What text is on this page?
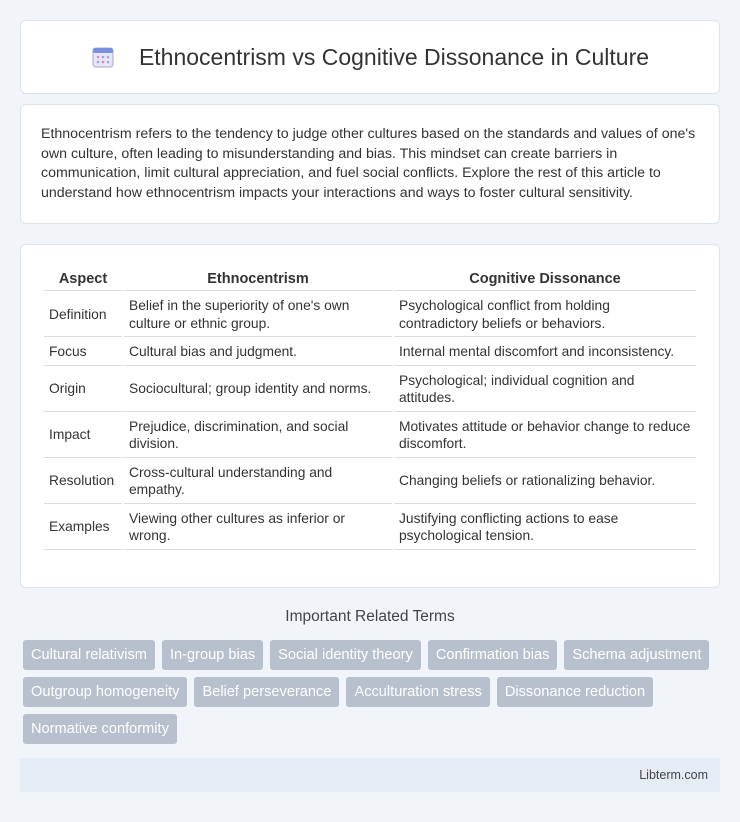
Ethnocentrism vs Cognitive Dissonance in Culture

Ethnocentrism refers to the tendency to judge other cultures based on the standards and values of one's own culture, often leading to misunderstanding and bias. This mindset can create barriers in communication, limit cultural appreciation, and fuel social conflicts. Explore the rest of this article to understand how ethnocentrism impacts your interactions and ways to foster cultural sensitivity.

Aspect	Ethnocentrism	Cognitive Dissonance
Definition	Belief in the superiority of one's own culture or ethnic group.	Psychological conflict from holding contradictory beliefs or behaviors.
Focus	Cultural bias and judgment.	Internal mental discomfort and inconsistency.
Origin	Sociocultural; group identity and norms.	Psychological; individual cognition and attitudes.
Impact	Prejudice, discrimination, and social division.	Motivates attitude or behavior change to reduce discomfort.
Resolution	Cross-cultural understanding and empathy.	Changing beliefs or rationalizing behavior.
Examples	Viewing other cultures as inferior or wrong.	Justifying conflicting actions to ease psychological tension.
Important Related Terms
Cultural relativism	In-group bias	Social identity theory	Confirmation bias	Schema adjustment
Outgroup homogeneity	Belief perseverance	Acculturation stress	Dissonance reduction
Normative conformity
Libterm.com
